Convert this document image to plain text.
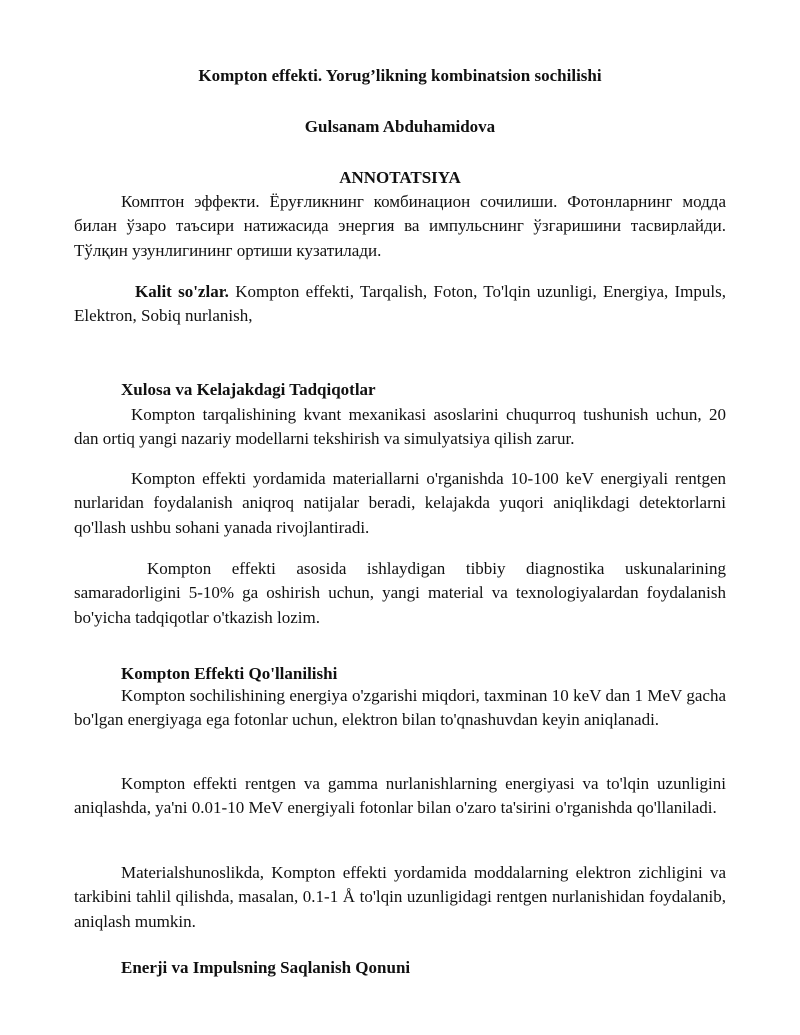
Kompton effekti. Yorug’likning kombinatsion sochilishi
Gulsanam Abduhamidova
ANNOTATSIYA
Комптон эффекти. Ёруғликнинг комбинацион сочилиши. Фотонларнинг модда билан ўзаро таъсири натижасида энергия ва импульснинг ўзгаришини тасвирлайди. Тўлқин узунлигининг ортиши кузатилади.
Kalit so'zlar. Kompton effekti, Tarqalish, Foton, To'lqin uzunligi, Energiya, Impuls, Elektron, Sobiq nurlanish,
Xulosa va Kelajakdagi Tadqiqotlar
Kompton tarqalishining kvant mexanikasi asoslarini chuqurroq tushunish uchun, 20 dan ortiq yangi nazariy modellarni tekshirish va simulyatsiya qilish zarur.
Kompton effekti yordamida materiallarni o'rganishda 10-100 keV energiyali rentgen nurlaridan foydalanish aniqroq natijalar beradi, kelajakda yuqori aniqlikdagi detektorlarni qo'llash ushbu sohani yanada rivojlantiradi.
Kompton effekti asosida ishlaydigan tibbiy diagnostika uskunalarining samaradorligini 5-10% ga oshirish uchun, yangi material va texnologiyalardan foydalanish bo'yicha tadqiqotlar o'tkazish lozim.
Kompton Effekti Qo'llanilishi
Kompton sochilishining energiya o'zgarishi miqdori, taxminan 10 keV dan 1 MeV gacha bo'lgan energiyaga ega fotonlar uchun, elektron bilan to'qnashuvdan keyin aniqlanadi.
Kompton effekti rentgen va gamma nurlanishlarning energiyasi va to'lqin uzunligini aniqlashda, ya'ni 0.01-10 MeV energiyali fotonlar bilan o'zaro ta'sirini o'rganishda qo'llaniladi.
Materialshunoslikda, Kompton effekti yordamida moddalarning elektron zichligini va tarkibini tahlil qilishda, masalan, 0.1-1 Å to'lqin uzunligidagi rentgen nurlanishidan foydalanib, aniqlash mumkin.
Enerji va Impulsning Saqlanish Qonuni
